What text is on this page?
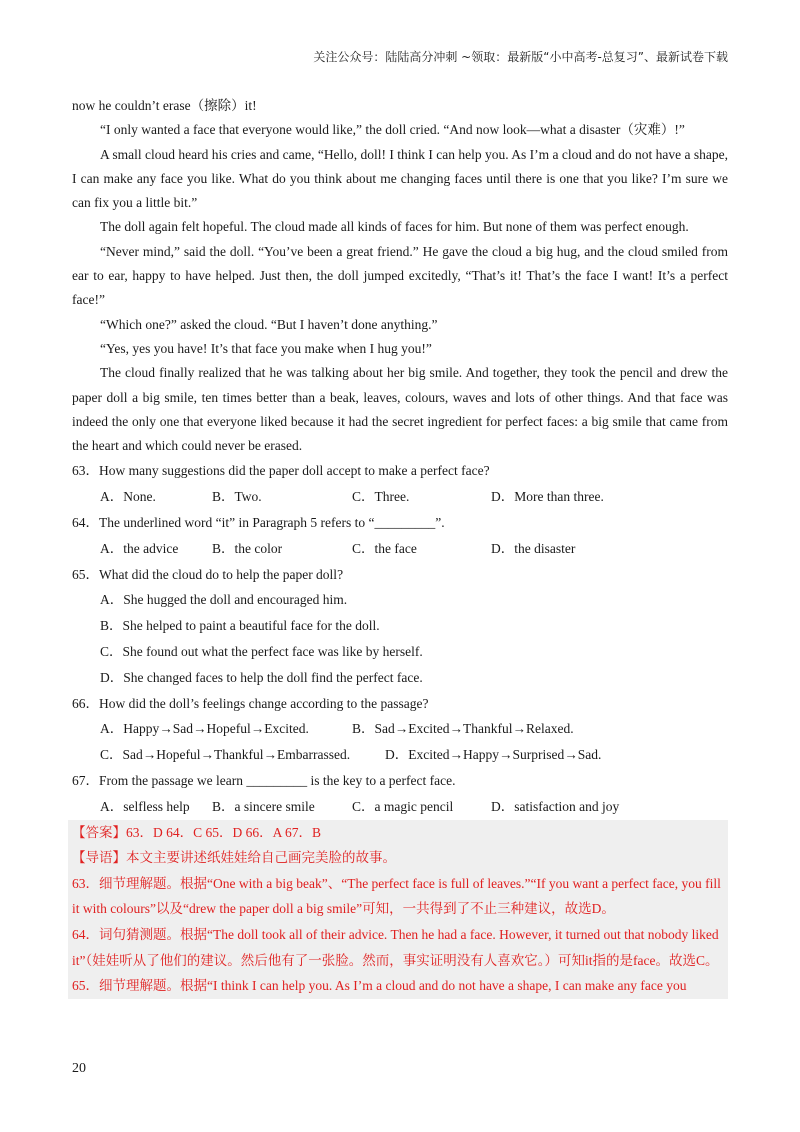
关注公众号：陆陆高分冲刺 ~领取：最新版“小中高考-总复习”、最新试卷下载

now he couldn’t erase（擦除）it!

“I only wanted a face that everyone would like,” the doll cried. “And now look—what a disaster（灾难）!”

A small cloud heard his cries and came, “Hello, doll! I think I can help you. As I’m a cloud and do not have a shape, I can make any face you like. What do you think about me changing faces until there is one that you like? I’m sure we can fix you a little bit.”

The doll again felt hopeful. The cloud made all kinds of faces for him. But none of them was perfect enough.

“Never mind,” said the doll. “You’ve been a great friend.” He gave the cloud a big hug, and the cloud smiled from ear to ear, happy to have helped. Just then, the doll jumped excitedly, “That’s it! That’s the face I want! It’s a perfect face!”

“Which one?” asked the cloud. “But I haven’t done anything.”

“Yes, yes you have! It’s that face you make when I hug you!”

The cloud finally realized that he was talking about her big smile. And together, they took the pencil and drew the paper doll a big smile, ten times better than a beak, leaves, colours, waves and lots of other things. And that face was indeed the only one that everyone liked because it had the secret ingredient for perfect faces: a big smile that came from the heart and which could never be erased.

63．How many suggestions did the paper doll accept to make a perfect face?

A．None.	B．Two.	C．Three.	D．More than three.

64．The underlined word “it” in Paragraph 5 refers to “_________”.

A．the advice	B．the color	C．the face	D．the disaster

65．What did the cloud do to help the paper doll?

A．She hugged the doll and encouraged him.

B．She helped to paint a beautiful face for the doll.

C．She found out what the perfect face was like by herself.

D．She changed faces to help the doll find the perfect face.

66．How did the doll’s feelings change according to the passage?

A．Happy→Sad→Hopeful→Excited.	B．Sad→Excited→Thankful→Relaxed.
C．Sad→Hopeful→Thankful→Embarrassed.	D．Excited→Happy→Surprised→Sad.

67．From the passage we learn _________ is the key to a perfect face.

A．selfless help	B．a sincere smile	C．a magic pencil	D．satisfaction and joy

【答案】63．D 64．C 65．D 66．A 67．B

【导语】本文主要讲述纸娃娃给自己画完美脸的故事。

63．细节理解题。根据“One with a big beak”、“The perfect face is full of leaves.”“If you want a perfect face, you fill it with colours”以及“drew the paper doll a big smile”可知，一共得到了不止三种建议，故选D。

64．词句猜测题。根据“The doll took all of their advice. Then he had a face. However, it turned out that nobody liked it”（娃娃听从了他们的建议。然后他有了一张脸。然而，事实证明没有人喜欢它。）可知it指的是face。故选C。

65．细节理解题。根据“I think I can help you. As I’m a cloud and do not have a shape, I can make any face you

20
